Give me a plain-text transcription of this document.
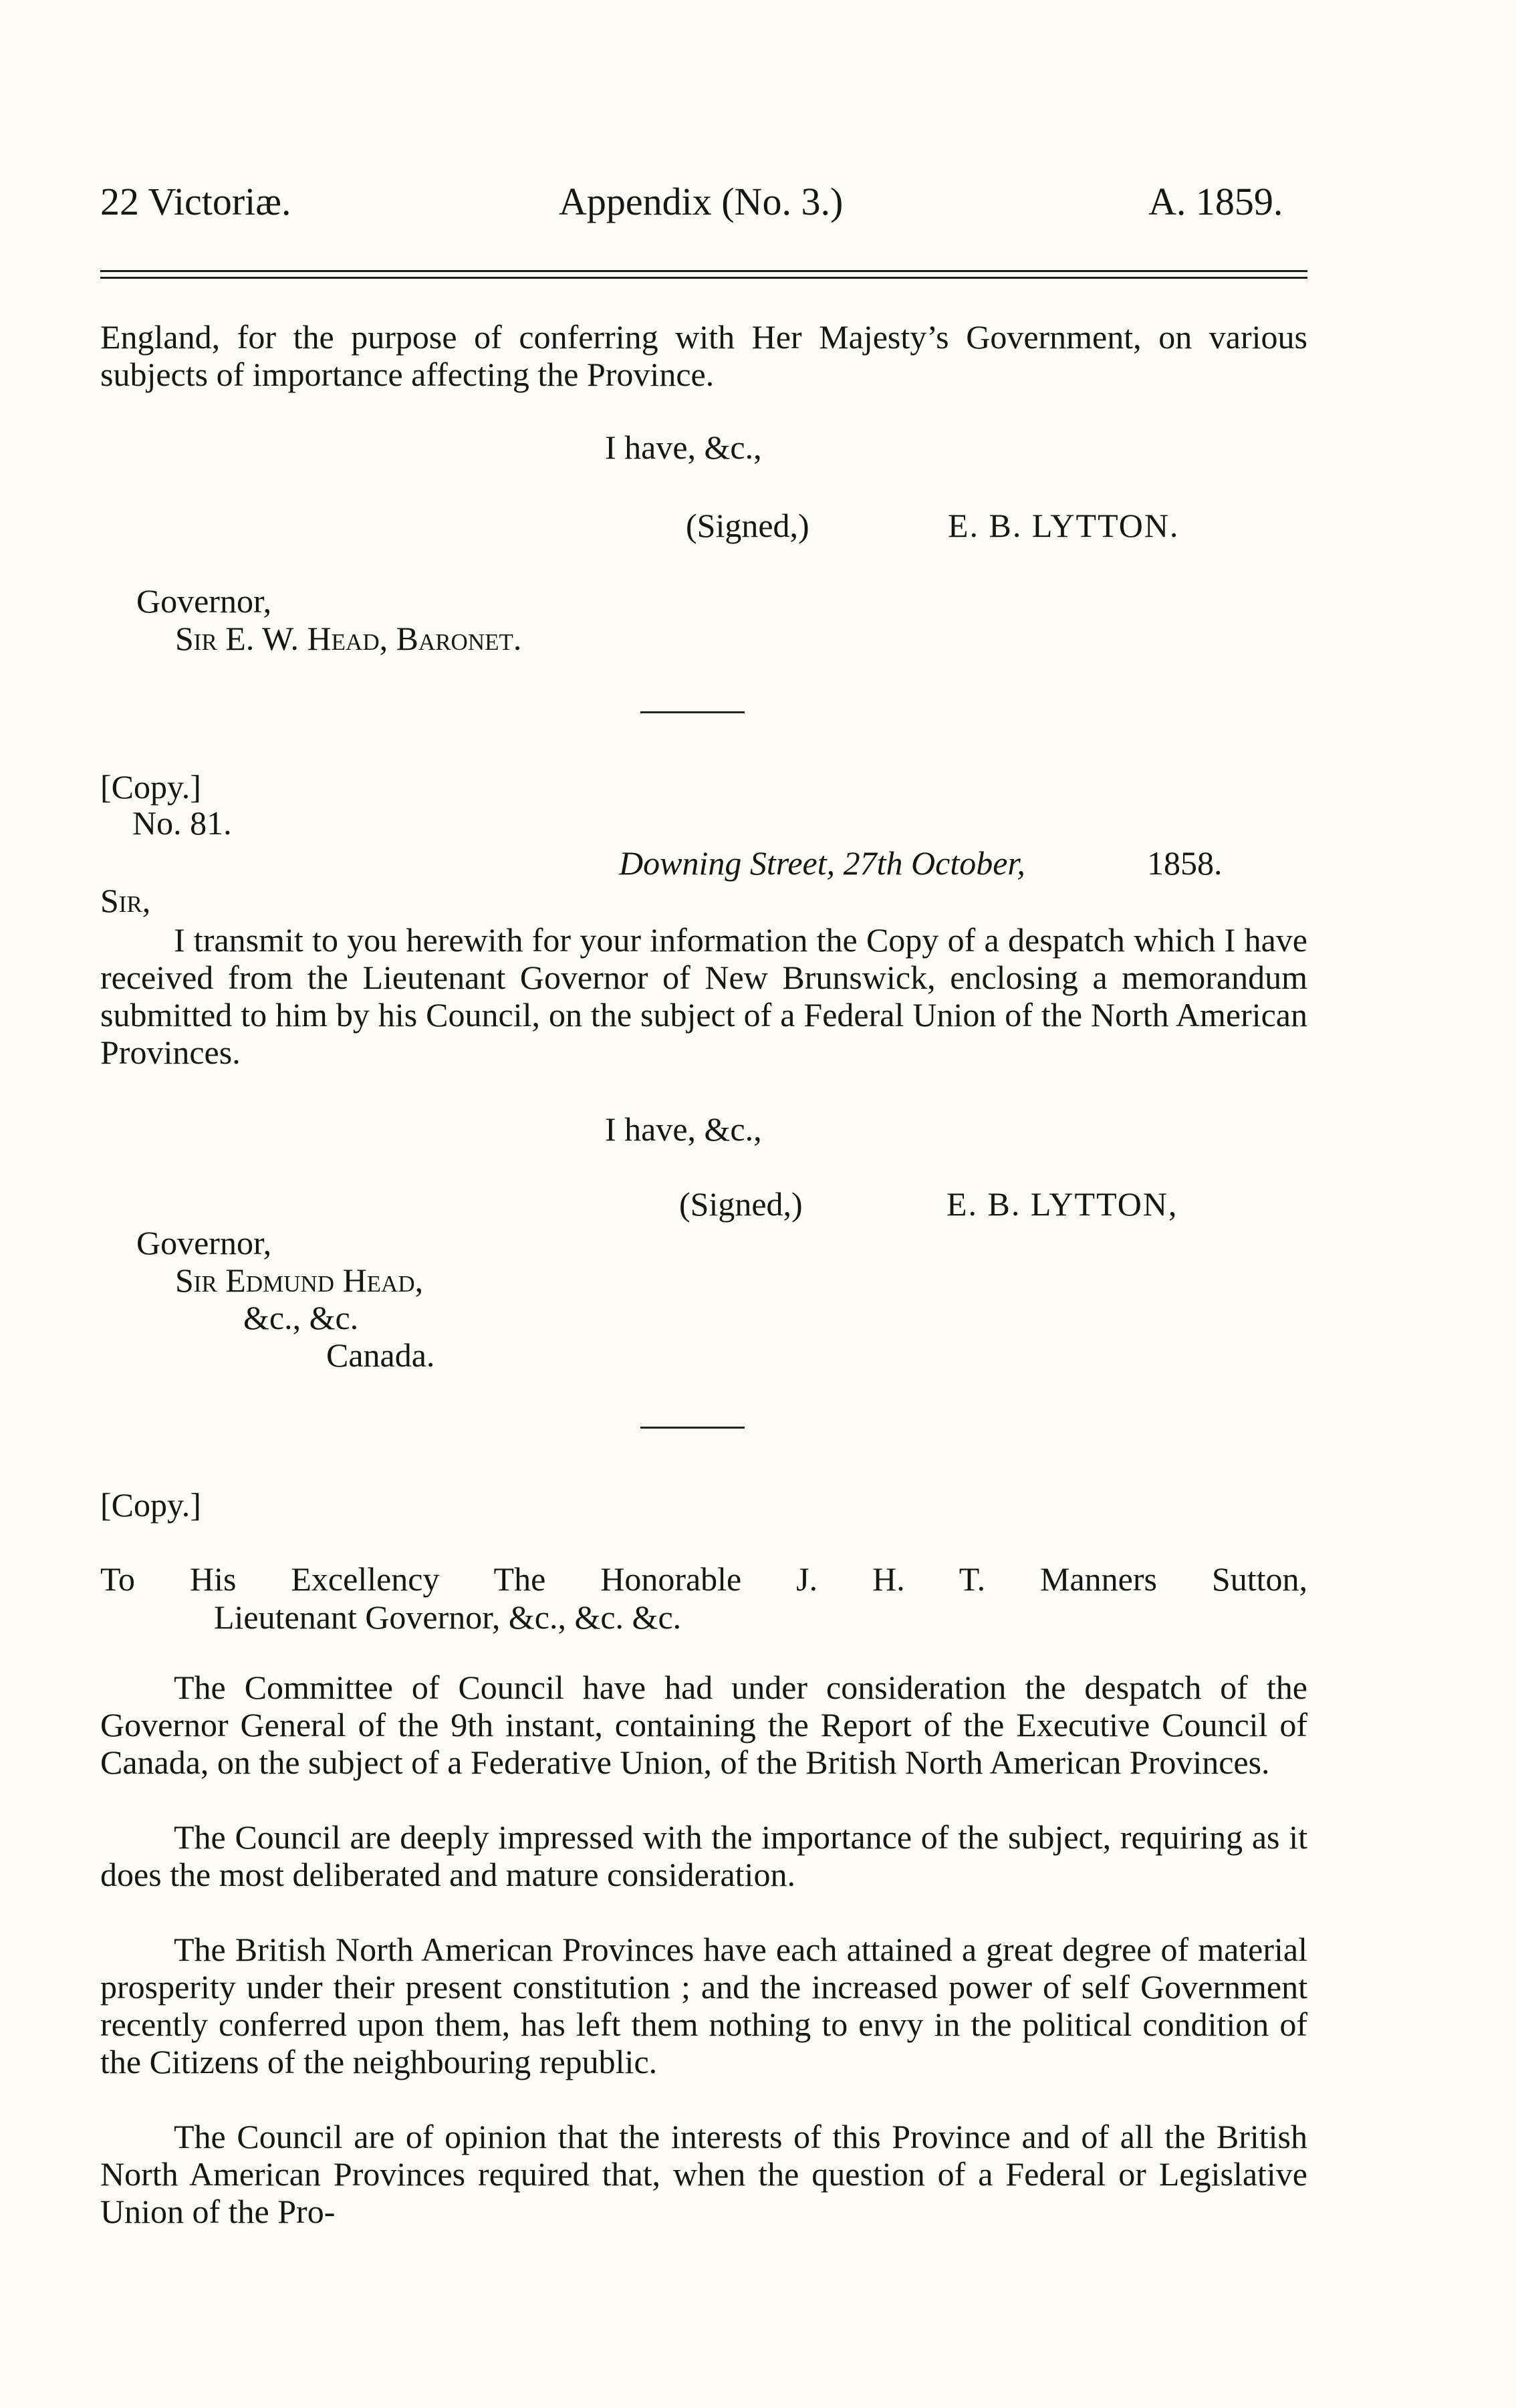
22 Victoriæ.	Appendix (No. 3.)	A. 1859.
England, for the purpose of conferring with Her Majesty’s Government, on various subjects of importance affecting the Province.
I have, &c.,
(Signed,)	E. B. LYTTON.
Governor,
Sir E. W. Head, Baronet.
[Copy.]
No. 81.
Downing Street, 27th October,	1858.
Sir,
I transmit to you herewith for your information the Copy of a despatch which I have received from the Lieutenant Governor of New Brunswick, enclosing a memorandum submitted to him by his Council, on the subject of a Federal Union of the North American Provinces.
I have, &c.,
(Signed,)	E. B. LYTTON,
Governor,
Sir Edmund Head,
&c., &c.
Canada.
[Copy.]
To His Excellency The Honorable J. H. T. Manners Sutton,
Lieutenant Governor, &c., &c. &c.
The Committee of Council have had under consideration the despatch of the Governor General of the 9th instant, containing the Report of the Executive Council of Canada, on the subject of a Federative Union, of the British North American Provinces.
The Council are deeply impressed with the importance of the subject, requiring as it does the most deliberated and mature consideration.
The British North American Provinces have each attained a great degree of material prosperity under their present constitution ; and the increased power of self Government recently conferred upon them, has left them nothing to envy in the political condition of the Citizens of the neighbouring republic.
The Council are of opinion that the interests of this Province and of all the British North American Provinces required that, when the question of a Federal or Legislative Union of the Pro-
